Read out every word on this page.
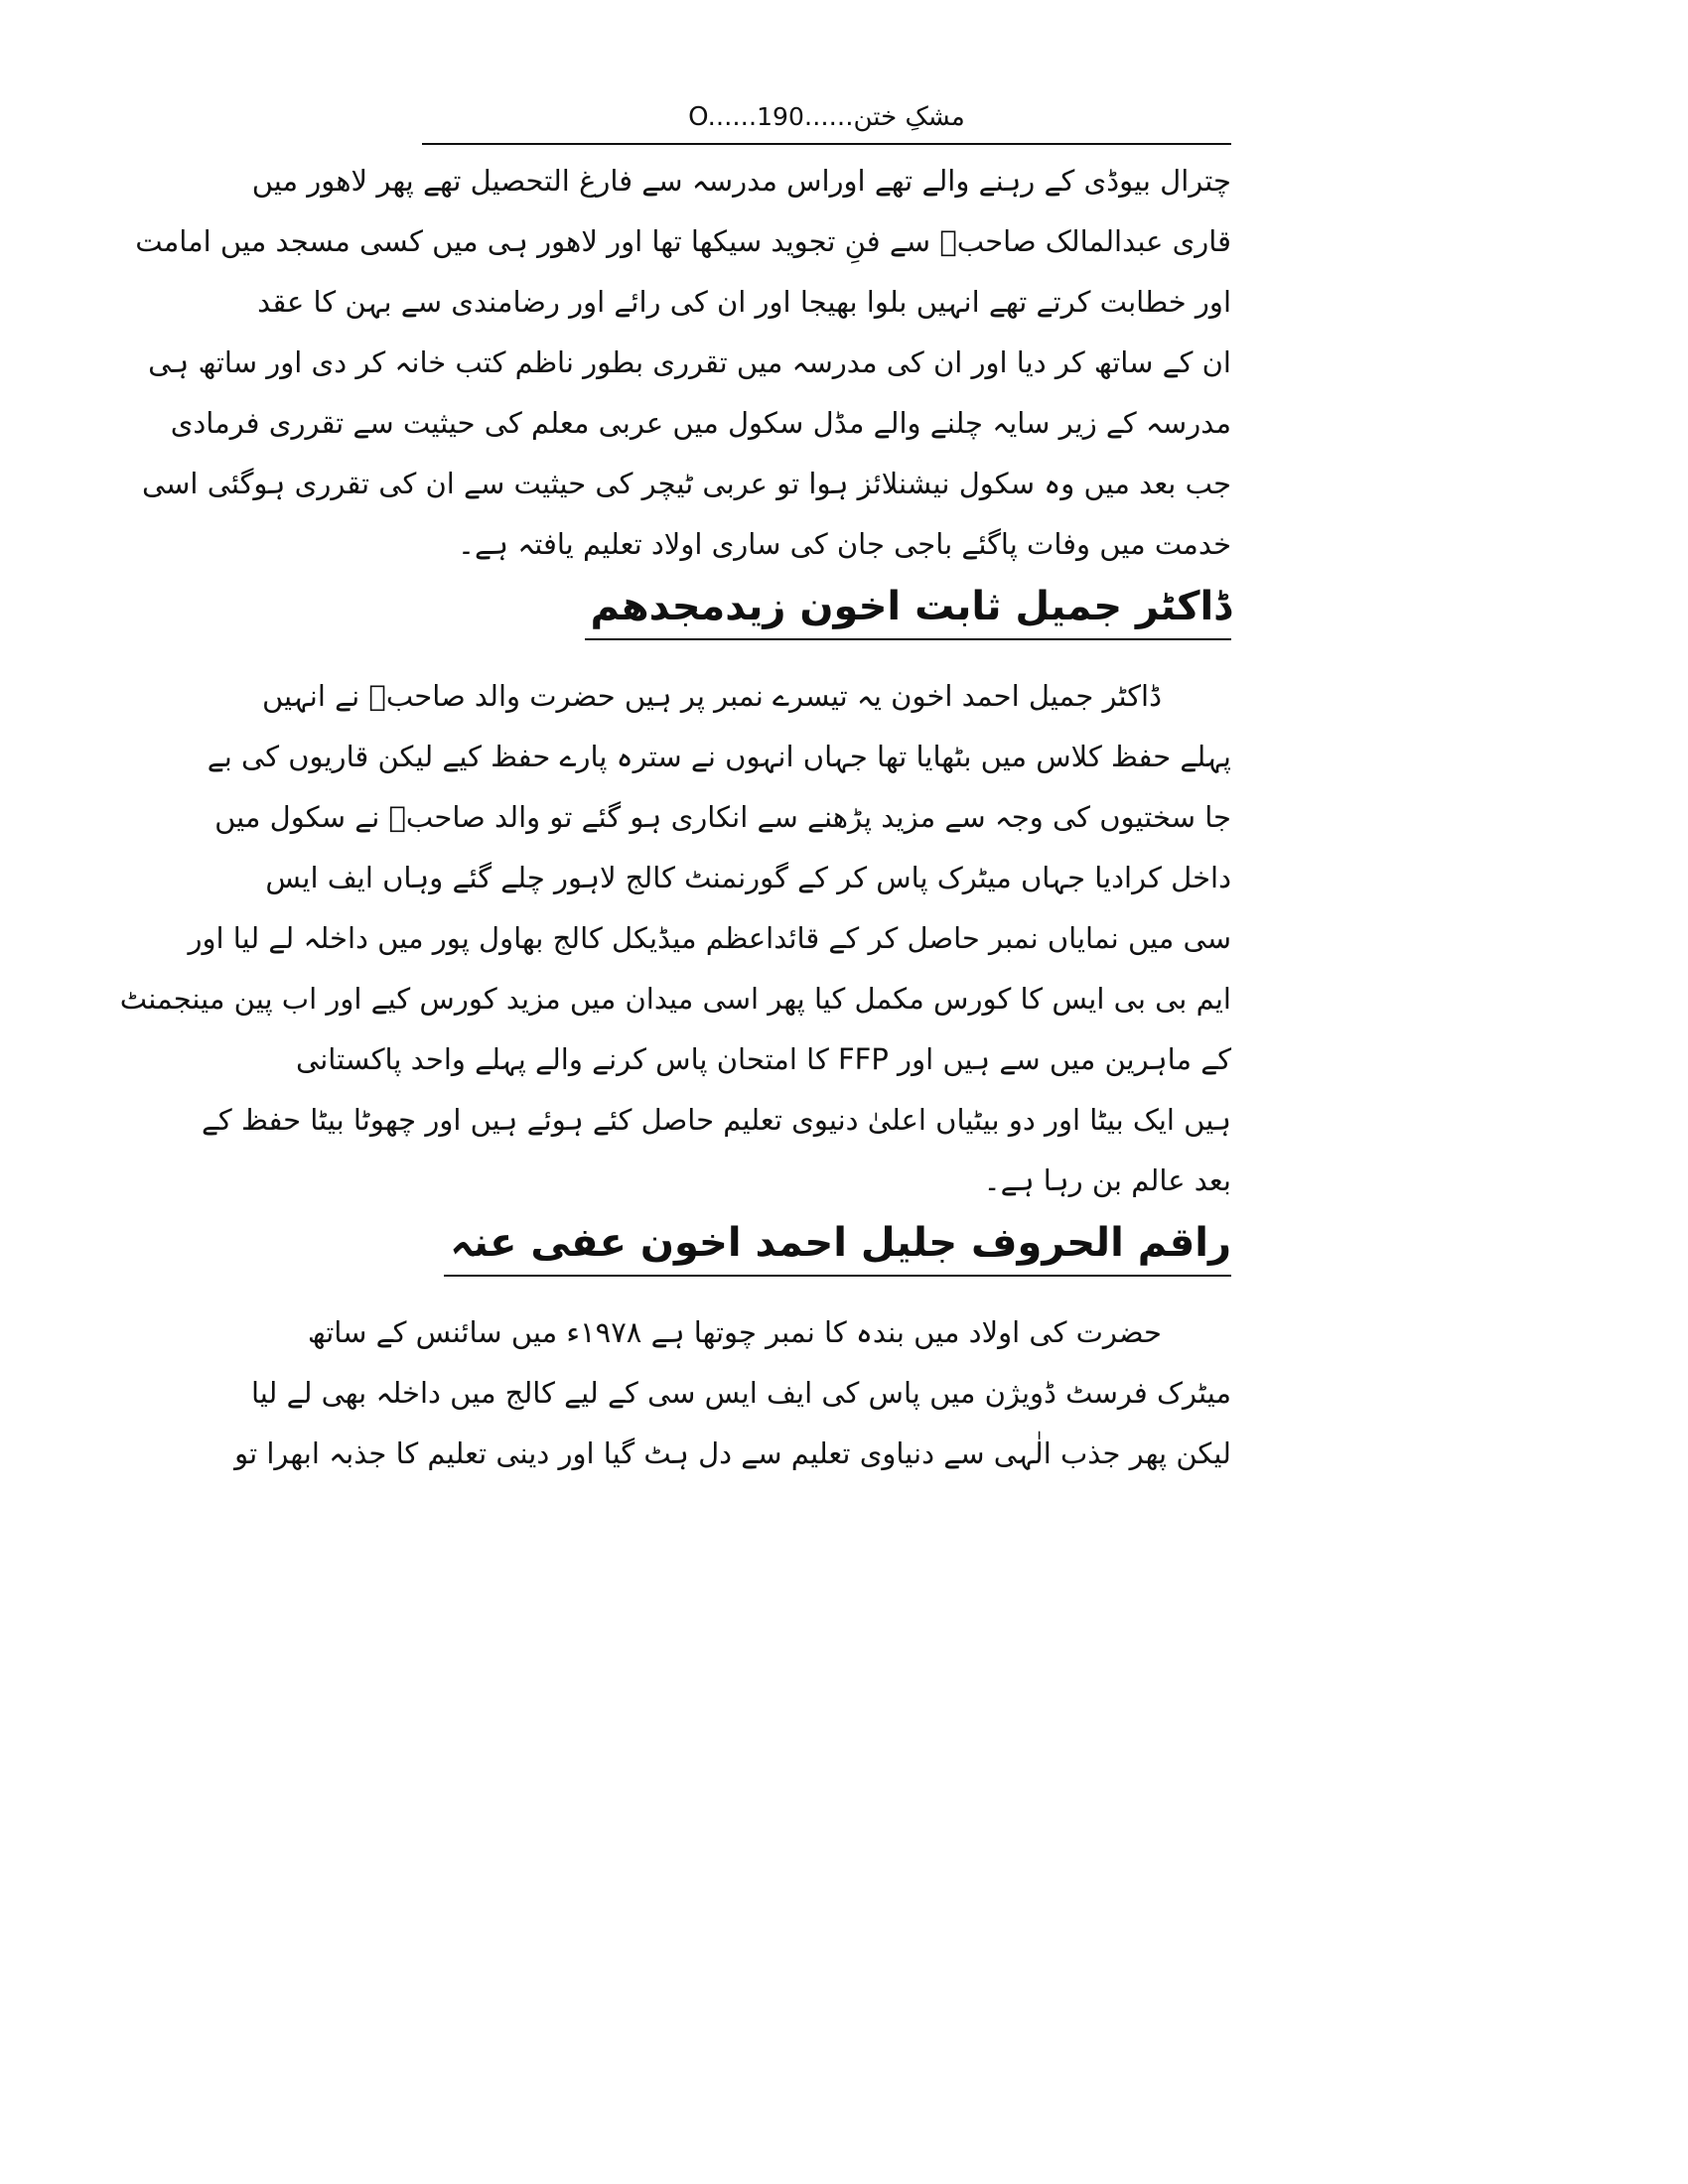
مشکِ ختن......O......190
چترال بیوڈی کے رہنے والے تھے اوراس مدرسہ سے فارغ التحصیل تھے پھر لاھور میں
قاری عبدالمالک صاحبؒ سے فنِ تجوید سیکھا تھا اور لاھور ہی میں کسی مسجد میں امامت
اور خطابت کرتے تھے انہیں بلوا بھیجا اور ان کی رائے اور رضامندی سے بہن کا عقد
ان کے ساتھ کر دیا اور ان کی مدرسہ میں تقرری بطور ناظم کتب خانہ کر دی اور ساتھ ہی
مدرسہ کے زیر سایہ چلنے والے مڈل سکول میں عربی معلم کی حیثیت سے تقرری فرمادی
جب بعد میں وہ سکول نیشنلائز ہوا تو عربی ٹیچر کی حیثیت سے ان کی تقرری ہوگئی اسی
خدمت میں وفات پاگئے باجی جان کی ساری اولاد تعلیم یافتہ ہے۔
ڈاکٹر جمیل ثابت اخون زیدمجدھم
ڈاکٹر جمیل احمد اخون یہ تیسرے نمبر پر ہیں حضرت والد صاحبؒ نے انہیں
پہلے حفظ کلاس میں بٹھایا تھا جہاں انہوں نے سترہ پارے حفظ کیے لیکن قاریوں کی بے
جا سختیوں کی وجہ سے مزید پڑھنے سے انکاری ہو گئے تو والد صاحبؒ نے سکول میں
داخل کرادیا جہاں میٹرک پاس کر کے گورنمنٹ کالج لاہور چلے گئے وہاں ایف ایس
سی میں نمایاں نمبر حاصل کر کے قائداعظم میڈیکل کالج بھاول پور میں داخلہ لے لیا اور
ایم بی بی ایس کا کورس مکمل کیا پھر اسی میدان میں مزید کورس کیے اور اب پین مینجمنٹ
کے ماہرین میں سے ہیں اور FFP کا امتحان پاس کرنے والے پہلے واحد پاکستانی
ہیں ایک بیٹا اور دو بیٹیاں اعلیٰ دنیوی تعلیم حاصل کئے ہوئے ہیں اور چھوٹا بیٹا حفظ کے
بعد عالم بن رہا ہے۔
راقم الحروف جلیل احمد اخون عفی عنہ
حضرت کی اولاد میں بندہ کا نمبر چوتھا ہے ۱۹۷۸ء میں سائنس کے ساتھ
میٹرک فرسٹ ڈویژن میں پاس کی ایف ایس سی کے لیے کالج میں داخلہ بھی لے لیا
لیکن پھر جذب الٰہی سے دنیاوی تعلیم سے دل ہٹ گیا اور دینی تعلیم کا جذبہ ابھرا تو
